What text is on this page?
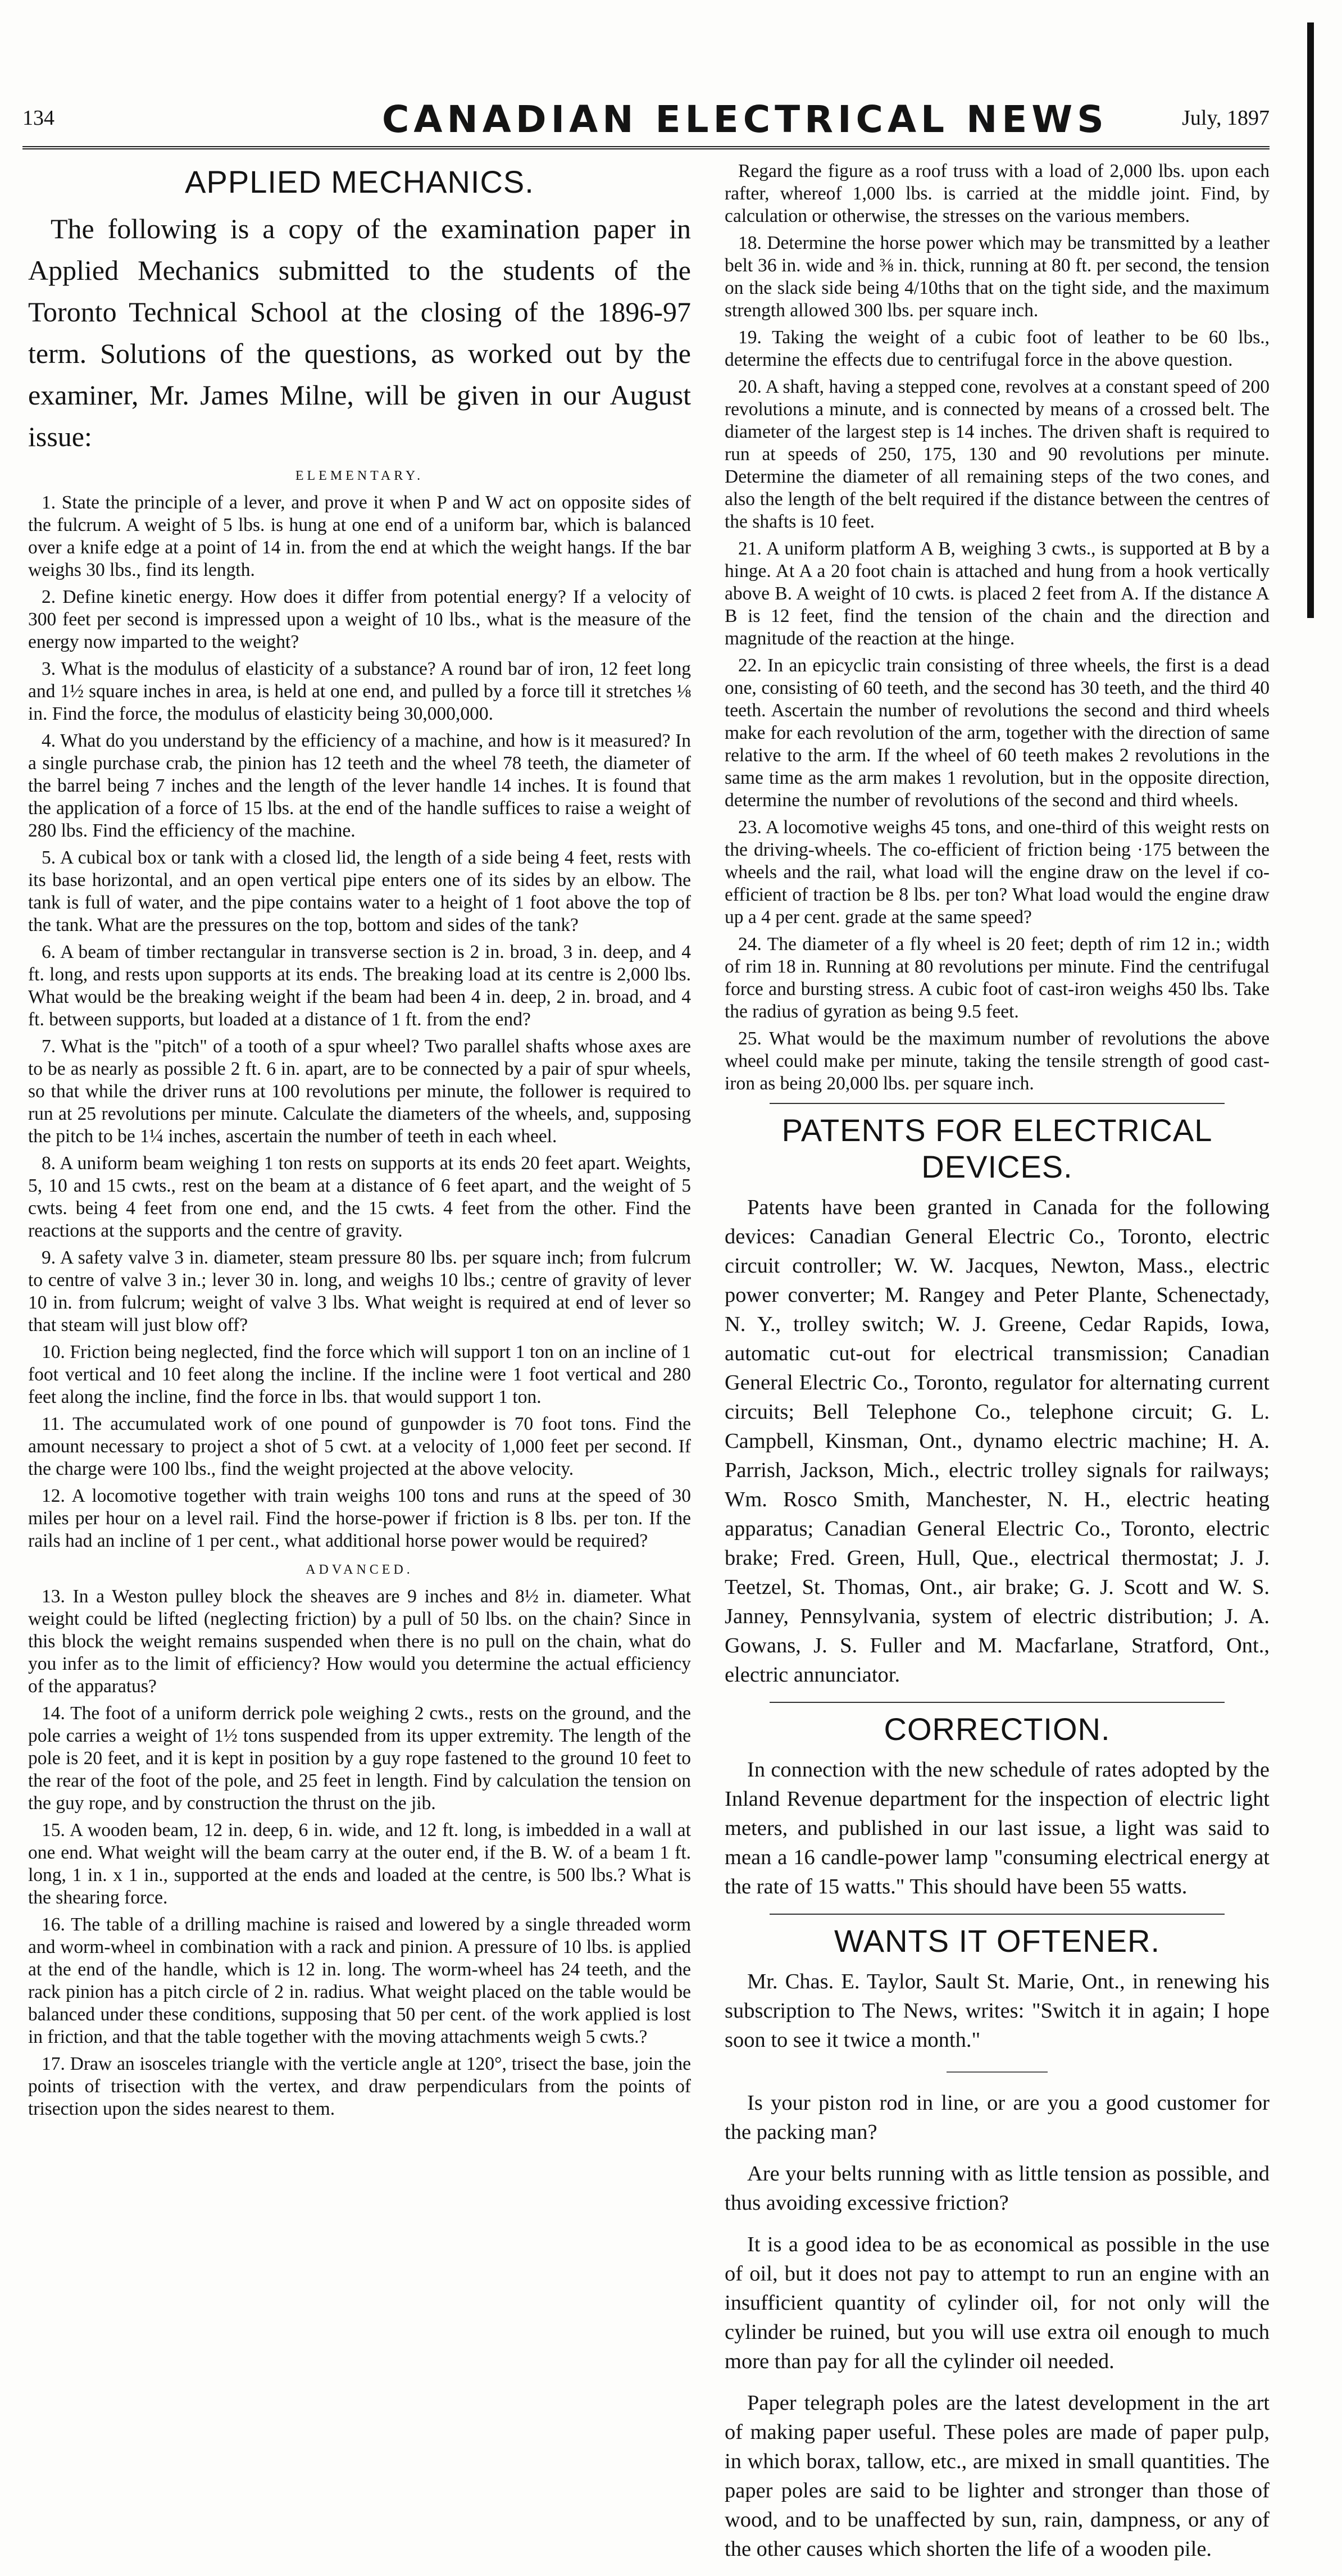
134	CANADIAN ELECTRICAL NEWS	July, 1897
APPLIED MECHANICS.

The following is a copy of the examination paper in Applied Mechanics submitted to the students of the Toronto Technical School at the closing of the 1896-97 term. Solutions of the questions, as worked out by the examiner, Mr. James Milne, will be given in our August issue:

ELEMENTARY.

1. State the principle of a lever, and prove it when P and W act on opposite sides of the fulcrum. A weight of 5 lbs. is hung at one end of a uniform bar, which is balanced over a knife edge at a point of 14 in. from the end at which the weight hangs. If the bar weighs 30 lbs., find its length.

2. Define kinetic energy. How does it differ from potential energy? If a velocity of 300 feet per second is impressed upon a weight of 10 lbs., what is the measure of the energy now imparted to the weight?

3. What is the modulus of elasticity of a substance? A round bar of iron, 12 feet long and 1½ square inches in area, is held at one end, and pulled by a force till it stretches ⅛ in. Find the force, the modulus of elasticity being 30,000,000.

4. What do you understand by the efficiency of a machine, and how is it measured? In a single purchase crab, the pinion has 12 teeth and the wheel 78 teeth, the diameter of the barrel being 7 inches and the length of the lever handle 14 inches. It is found that the application of a force of 15 lbs. at the end of the handle suffices to raise a weight of 280 lbs. Find the efficiency of the machine.

5. A cubical box or tank with a closed lid, the length of a side being 4 feet, rests with its base horizontal, and an open vertical pipe enters one of its sides by an elbow. The tank is full of water, and the pipe contains water to a height of 1 foot above the top of the tank. What are the pressures on the top, bottom and sides of the tank?

6. A beam of timber rectangular in transverse section is 2 in. broad, 3 in. deep, and 4 ft. long, and rests upon supports at its ends. The breaking load at its centre is 2,000 lbs. What would be the breaking weight if the beam had been 4 in. deep, 2 in. broad, and 4 ft. between supports, but loaded at a distance of 1 ft. from the end?

7. What is the "pitch" of a tooth of a spur wheel? Two parallel shafts whose axes are to be as nearly as possible 2 ft. 6 in. apart, are to be connected by a pair of spur wheels, so that while the driver runs at 100 revolutions per minute, the follower is required to run at 25 revolutions per minute. Calculate the diameters of the wheels, and, supposing the pitch to be 1¼ inches, ascertain the number of teeth in each wheel.

8. A uniform beam weighing 1 ton rests on supports at its ends 20 feet apart. Weights, 5, 10 and 15 cwts., rest on the beam at a distance of 6 feet apart, and the weight of 5 cwts. being 4 feet from one end, and the 15 cwts. 4 feet from the other. Find the reactions at the supports and the centre of gravity.

9. A safety valve 3 in. diameter, steam pressure 80 lbs. per square inch; from fulcrum to centre of valve 3 in.; lever 30 in. long, and weighs 10 lbs.; centre of gravity of lever 10 in. from fulcrum; weight of valve 3 lbs. What weight is required at end of lever so that steam will just blow off?

10. Friction being neglected, find the force which will support 1 ton on an incline of 1 foot vertical and 10 feet along the incline. If the incline were 1 foot vertical and 280 feet along the incline, find the force in lbs. that would support 1 ton.

11. The accumulated work of one pound of gunpowder is 70 foot tons. Find the amount necessary to project a shot of 5 cwt. at a velocity of 1,000 feet per second. If the charge were 100 lbs., find the weight projected at the above velocity.

12. A locomotive together with train weighs 100 tons and runs at the speed of 30 miles per hour on a level rail. Find the horse-power if friction is 8 lbs. per ton. If the rails had an incline of 1 per cent., what additional horse power would be required?

ADVANCED.

13. In a Weston pulley block the sheaves are 9 inches and 8½ in. diameter. What weight could be lifted (neglecting friction) by a pull of 50 lbs. on the chain? Since in this block the weight remains suspended when there is no pull on the chain, what do you infer as to the limit of efficiency? How would you determine the actual efficiency of the apparatus?

14. The foot of a uniform derrick pole weighing 2 cwts., rests on the ground, and the pole carries a weight of 1½ tons suspended from its upper extremity. The length of the pole is 20 feet, and it is kept in position by a guy rope fastened to the ground 10 feet to the rear of the foot of the pole, and 25 feet in length. Find by calculation the tension on the guy rope, and by construction the thrust on the jib.

15. A wooden beam, 12 in. deep, 6 in. wide, and 12 ft. long, is imbedded in a wall at one end. What weight will the beam carry at the outer end, if the B. W. of a beam 1 ft. long, 1 in. x 1 in., supported at the ends and loaded at the centre, is 500 lbs.? What is the shearing force.

16. The table of a drilling machine is raised and lowered by a single threaded worm and worm-wheel in combination with a rack and pinion. A pressure of 10 lbs. is applied at the end of the handle, which is 12 in. long. The worm-wheel has 24 teeth, and the rack pinion has a pitch circle of 2 in. radius. What weight placed on the table would be balanced under these conditions, supposing that 50 per cent. of the work applied is lost in friction, and that the table together with the moving attachments weigh 5 cwts.?

17. Draw an isosceles triangle with the verticle angle at 120°, trisect the base, join the points of trisection with the vertex, and draw perpendiculars from the points of trisection upon the sides nearest to them.

Regard the figure as a roof truss with a load of 2,000 lbs. upon each rafter, whereof 1,000 lbs. is carried at the middle joint. Find, by calculation or otherwise, the stresses on the various members.

18. Determine the horse power which may be transmitted by a leather belt 36 in. wide and ⅜ in. thick, running at 80 ft. per second, the tension on the slack side being 4/10ths that on the tight side, and the maximum strength allowed 300 lbs. per square inch.

19. Taking the weight of a cubic foot of leather to be 60 lbs., determine the effects due to centrifugal force in the above question.

20. A shaft, having a stepped cone, revolves at a constant speed of 200 revolutions a minute, and is connected by means of a crossed belt. The diameter of the largest step is 14 inches. The driven shaft is required to run at speeds of 250, 175, 130 and 90 revolutions per minute. Determine the diameter of all remaining steps of the two cones, and also the length of the belt required if the distance between the centres of the shafts is 10 feet.

21. A uniform platform A B, weighing 3 cwts., is supported at B by a hinge. At A a 20 foot chain is attached and hung from a hook vertically above B. A weight of 10 cwts. is placed 2 feet from A. If the distance A B is 12 feet, find the tension of the chain and the direction and magnitude of the reaction at the hinge.

22. In an epicyclic train consisting of three wheels, the first is a dead one, consisting of 60 teeth, and the second has 30 teeth, and the third 40 teeth. Ascertain the number of revolutions the second and third wheels make for each revolution of the arm, together with the direction of same relative to the arm. If the wheel of 60 teeth makes 2 revolutions in the same time as the arm makes 1 revolution, but in the opposite direction, determine the number of revolutions of the second and third wheels.

23. A locomotive weighs 45 tons, and one-third of this weight rests on the driving-wheels. The co-efficient of friction being ·175 between the wheels and the rail, what load will the engine draw on the level if co-efficient of traction be 8 lbs. per ton? What load would the engine draw up a 4 per cent. grade at the same speed?

24. The diameter of a fly wheel is 20 feet; depth of rim 12 in.; width of rim 18 in. Running at 80 revolutions per minute. Find the centrifugal force and bursting stress. A cubic foot of cast-iron weighs 450 lbs. Take the radius of gyration as being 9.5 feet.

25. What would be the maximum number of revolutions the above wheel could make per minute, taking the tensile strength of good cast-iron as being 20,000 lbs. per square inch.

PATENTS FOR ELECTRICAL DEVICES.

Patents have been granted in Canada for the following devices: Canadian General Electric Co., Toronto, electric circuit controller; W. W. Jacques, Newton, Mass., electric power converter; M. Rangey and Peter Plante, Schenectady, N. Y., trolley switch; W. J. Greene, Cedar Rapids, Iowa, automatic cut-out for electrical transmission; Canadian General Electric Co., Toronto, regulator for alternating current circuits; Bell Telephone Co., telephone circuit; G. L. Campbell, Kinsman, Ont., dynamo electric machine; H. A. Parrish, Jackson, Mich., electric trolley signals for railways; Wm. Rosco Smith, Manchester, N. H., electric heating apparatus; Canadian General Electric Co., Toronto, electric brake; Fred. Green, Hull, Que., electrical thermostat; J. J. Teetzel, St. Thomas, Ont., air brake; G. J. Scott and W. S. Janney, Pennsylvania, system of electric distribution; J. A. Gowans, J. S. Fuller and M. Macfarlane, Stratford, Ont., electric annunciator.

CORRECTION.

In connection with the new schedule of rates adopted by the Inland Revenue department for the inspection of electric light meters, and published in our last issue, a light was said to mean a 16 candle-power lamp "consuming electrical energy at the rate of 15 watts." This should have been 55 watts.

WANTS IT OFTENER.

Mr. Chas. E. Taylor, Sault St. Marie, Ont., in renewing his subscription to The News, writes: "Switch it in again; I hope soon to see it twice a month."

Is your piston rod in line, or are you a good customer for the packing man?

Are your belts running with as little tension as possible, and thus avoiding excessive friction?

It is a good idea to be as economical as possible in the use of oil, but it does not pay to attempt to run an engine with an insufficient quantity of cylinder oil, for not only will the cylinder be ruined, but you will use extra oil enough to much more than pay for all the cylinder oil needed.

Paper telegraph poles are the latest development in the art of making paper useful. These poles are made of paper pulp, in which borax, tallow, etc., are mixed in small quantities. The paper poles are said to be lighter and stronger than those of wood, and to be unaffected by sun, rain, dampness, or any of the other causes which shorten the life of a wooden pile.
